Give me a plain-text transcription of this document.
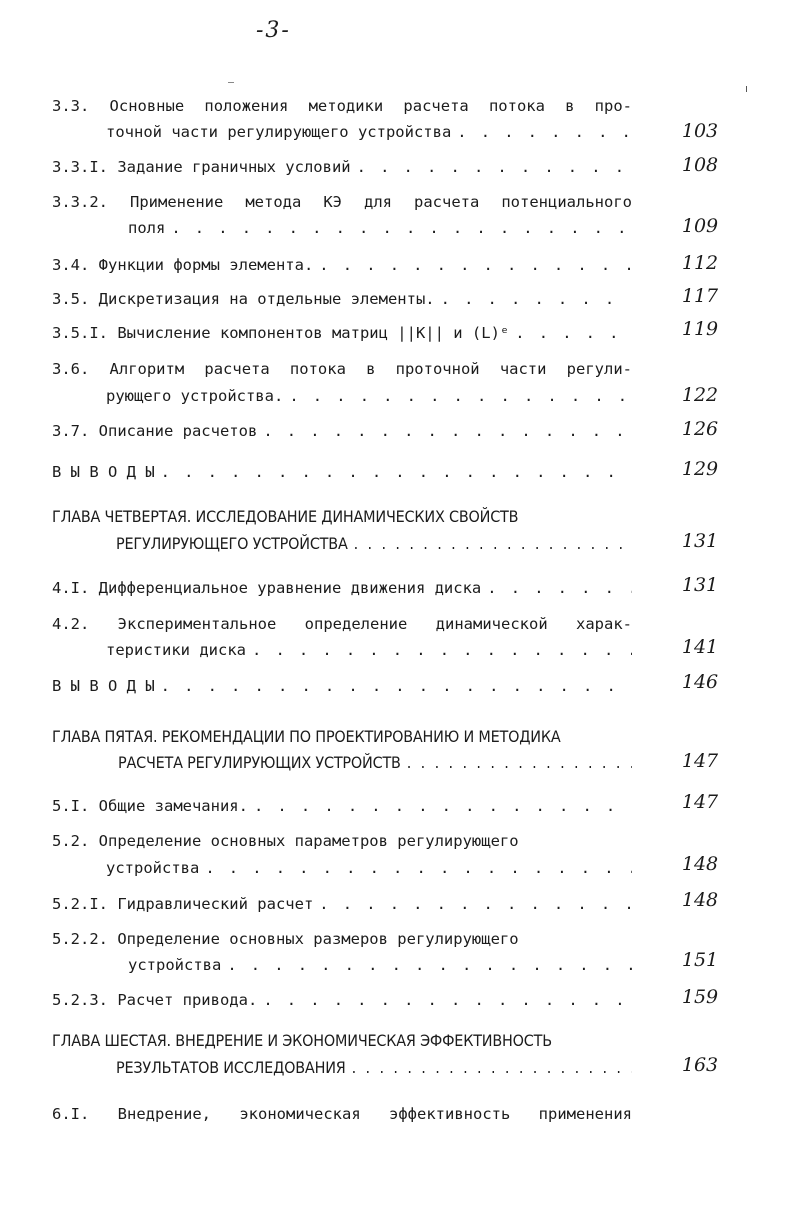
-3-
3.3. Основные положения методики расчета потока в про-
точной части регулирующего устройства . . .	103
3.3.I. Задание граничных условий . . .	108
3.3.2. Применение метода КЭ для расчета потенциального
поля . . .	109
3.4. Функции формы элемента. . . .	112
3.5. Дискретизация на отдельные элементы. . . .	117
3.5.I. Вычисление компонентов матриц ||K|| и (L)ᵉ . . .	119
3.6. Алгоритм расчета потока в проточной части регули-
рующего устройства. . . .	122
3.7. Описание расчетов . . .	126
В Ы В О Д Ы . . .	129
ГЛАВА ЧЕТВЕРТАЯ. ИССЛЕДОВАНИЕ ДИНАМИЧЕСКИХ СВОЙСТВ
РЕГУЛИРУЮЩЕГО УСТРОЙСТВА . . .	131
4.I. Дифференциальное уравнение движения диска . . .	131
4.2. Экспериментальное определение динамической харак-
теристики диска . . .	141
В Ы В О Д Ы . . .	146
ГЛАВА ПЯТАЯ. РЕКОМЕНДАЦИИ ПО ПРОЕКТИРОВАНИЮ И МЕТОДИКА
РАСЧЕТА РЕГУЛИРУЮЩИХ УСТРОЙСТВ . . .	147
5.I. Общие замечания. . . .	147
5.2. Определение основных параметров регулирующего
устройства . . .	148
5.2.I. Гидравлический расчет . . .	148
5.2.2. Определение основных размеров регулирующего
устройства . . .	151
5.2.3. Расчет привода. . . .	159
ГЛАВА ШЕСТАЯ. ВНЕДРЕНИЕ И ЭКОНОМИЧЕСКАЯ ЭФФЕКТИВНОСТЬ
РЕЗУЛЬТАТОВ ИССЛЕДОВАНИЯ . . .	163
6.I. Внедрение, экономическая эффективность применения
